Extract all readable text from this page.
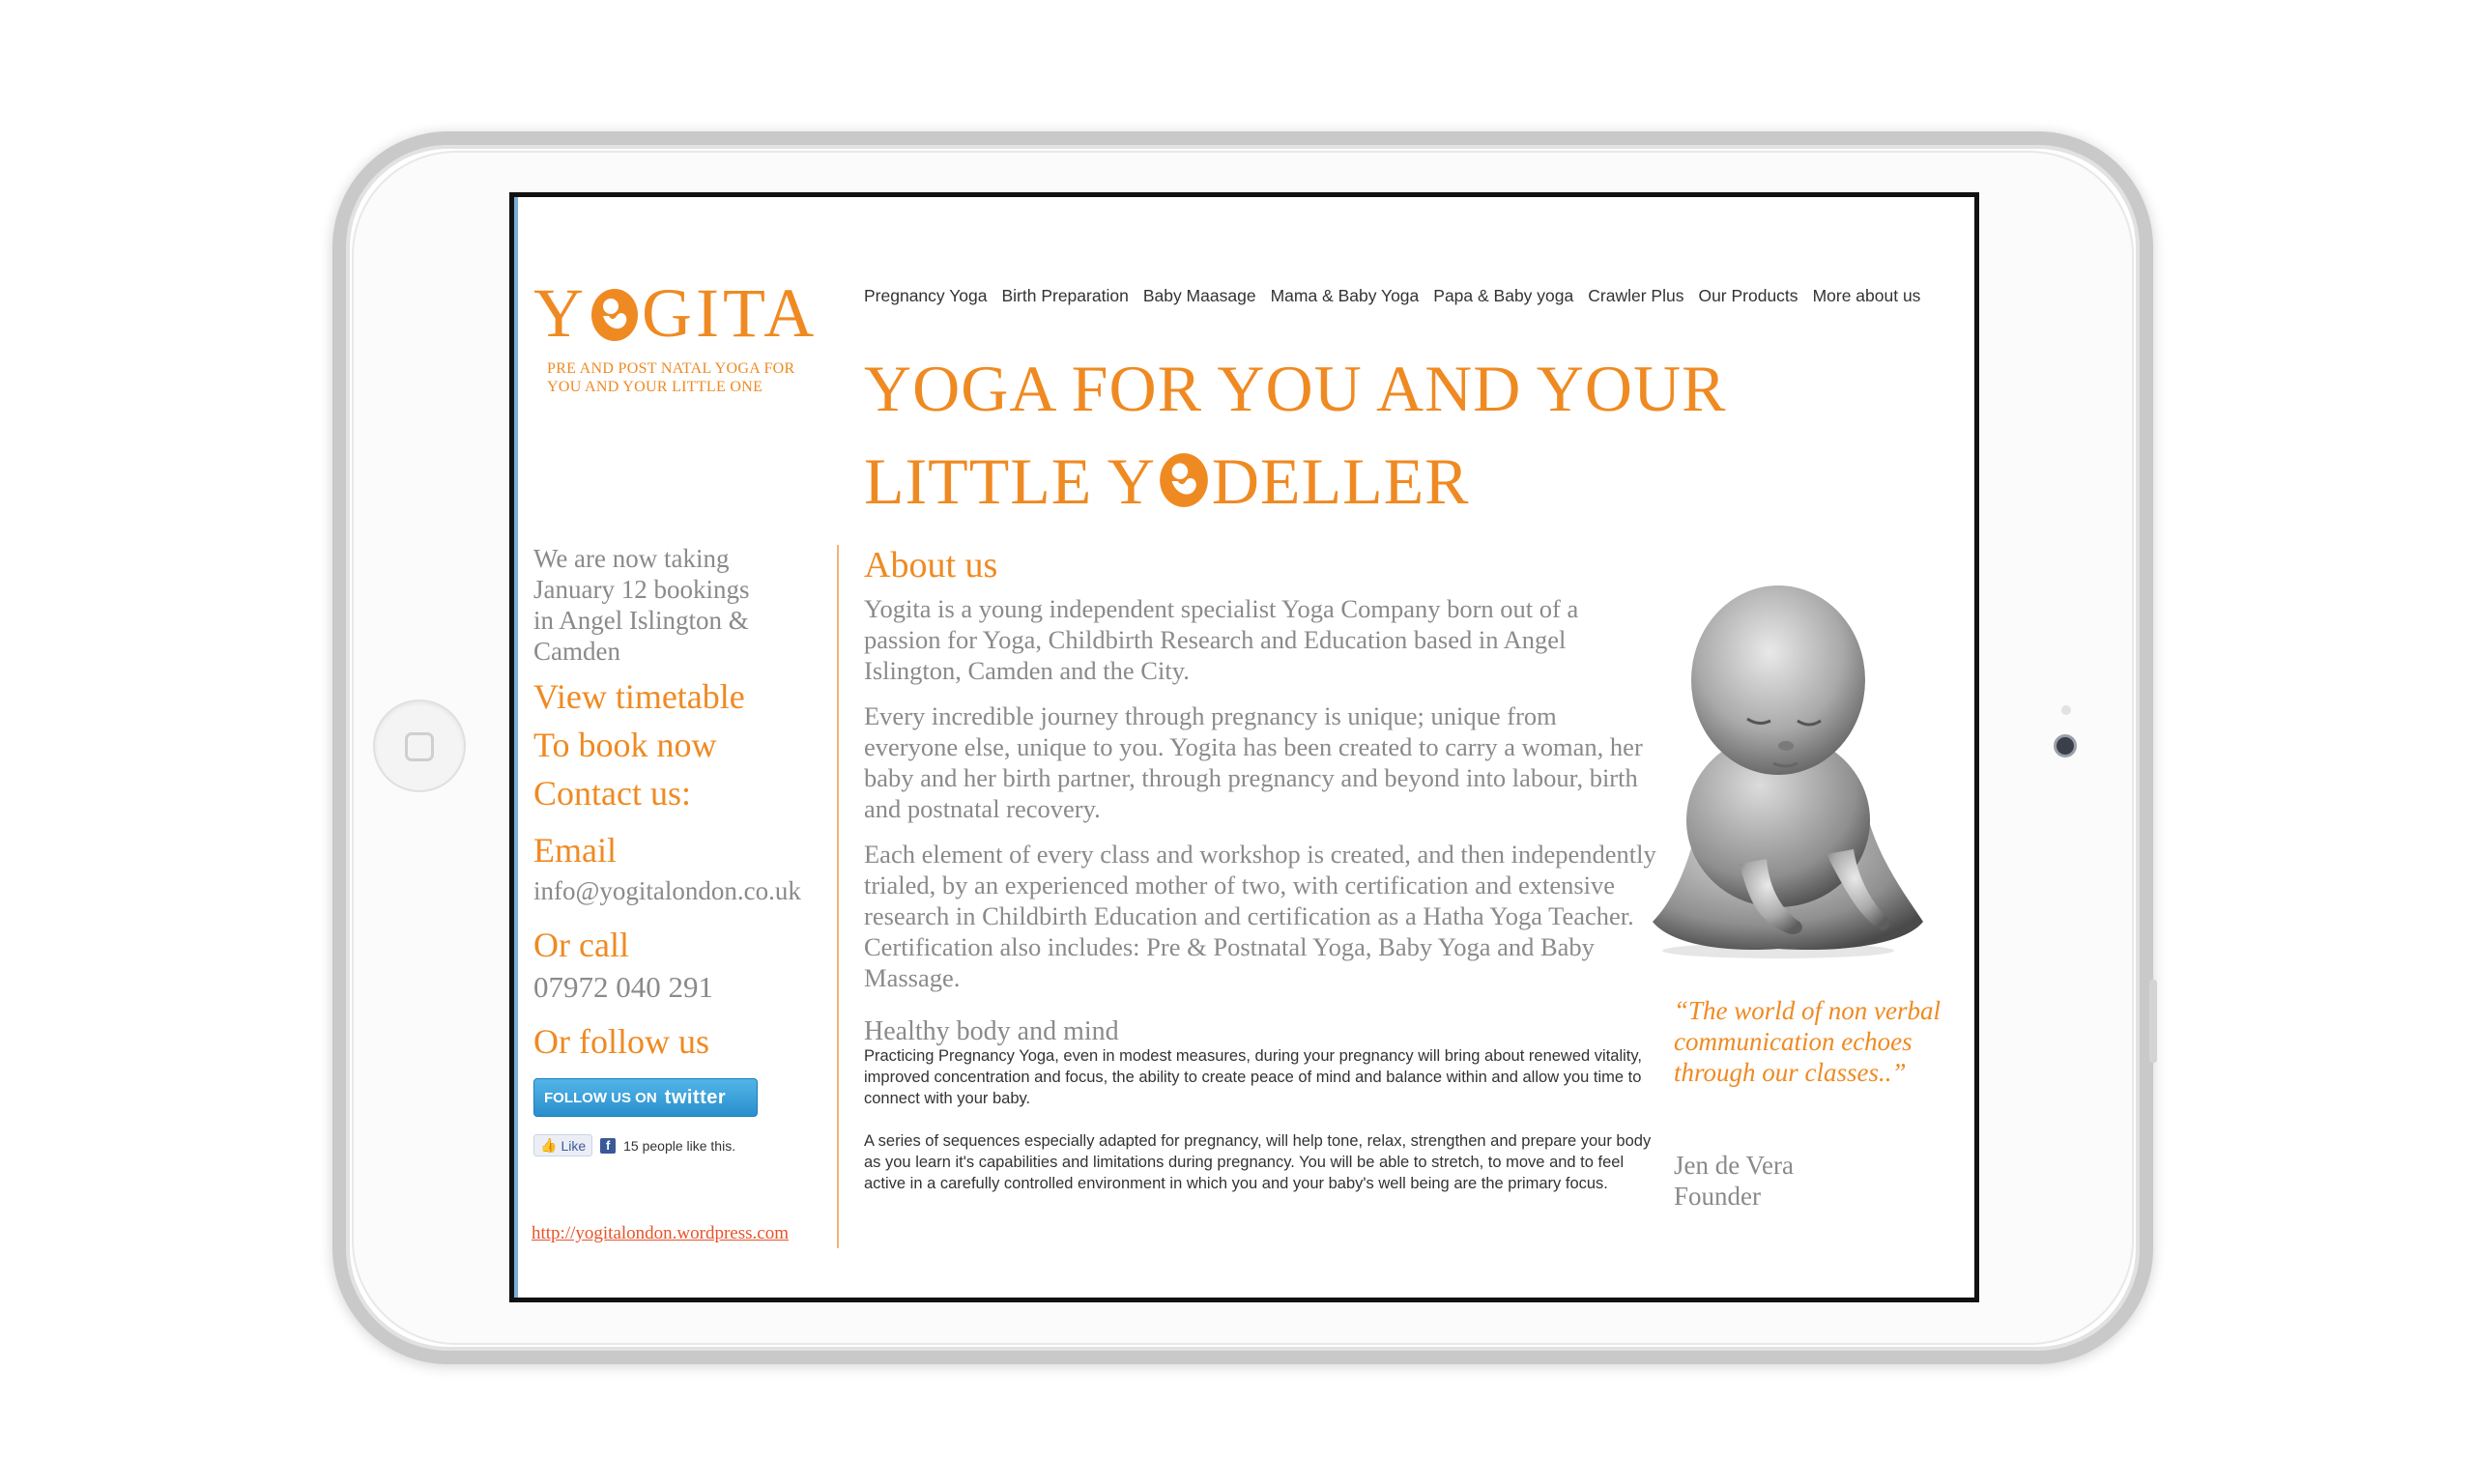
Y GITA
PRE AND POST NATAL YOGA FOR
YOU AND YOUR LITTLE ONE
Pregnancy Yoga Birth Preparation Baby Maasage Mama & Baby Yoga Papa & Baby yoga Crawler Plus Our Products More about us
YOGA FOR YOU AND YOUR
LITTLE Y DELLER
We are now taking
January 12 bookings
in Angel Islington &
Camden
View timetable
To book now
Contact us:
Email
info@yogitalondon.co.uk
Or call
07972 040 291
Or follow us
FOLLOW US ON twitter
👍 Like	f 15 people like this.
http://yogitalondon.wordpress.com
About us

Yogita is a young independent specialist Yoga Company born out of a passion for Yoga, Childbirth Research and Education based in Angel Islington, Camden and the City.

Every incredible journey through pregnancy is unique; unique from everyone else, unique to you. Yogita has been created to carry a woman, her baby and her birth partner, through pregnancy and beyond into labour, birth and postnatal recovery.

Each element of every class and workshop is created, and then independently trialed, by an experienced mother of two, with certification and extensive research in Childbirth Education and certification as a Hatha Yoga Teacher. Certification also includes: Pre & Postnatal Yoga, Baby Yoga and Baby Massage.

Healthy body and mind

Practicing Pregnancy Yoga, even in modest measures, during your pregnancy will bring about renewed vitality, improved concentration and focus, the ability to create peace of mind and balance within and allow you time to connect with your baby.

A series of sequences especially adapted for pregnancy, will help tone, relax, strengthen and prepare your body as you learn it's capabilities and limitations during pregnancy. You will be able to stretch, to move and to feel active in a carefully controlled environment in which you and your baby's well being are the primary focus.

“The world of non verbal communication echoes through our classes..”
Jen de Vera
Founder
